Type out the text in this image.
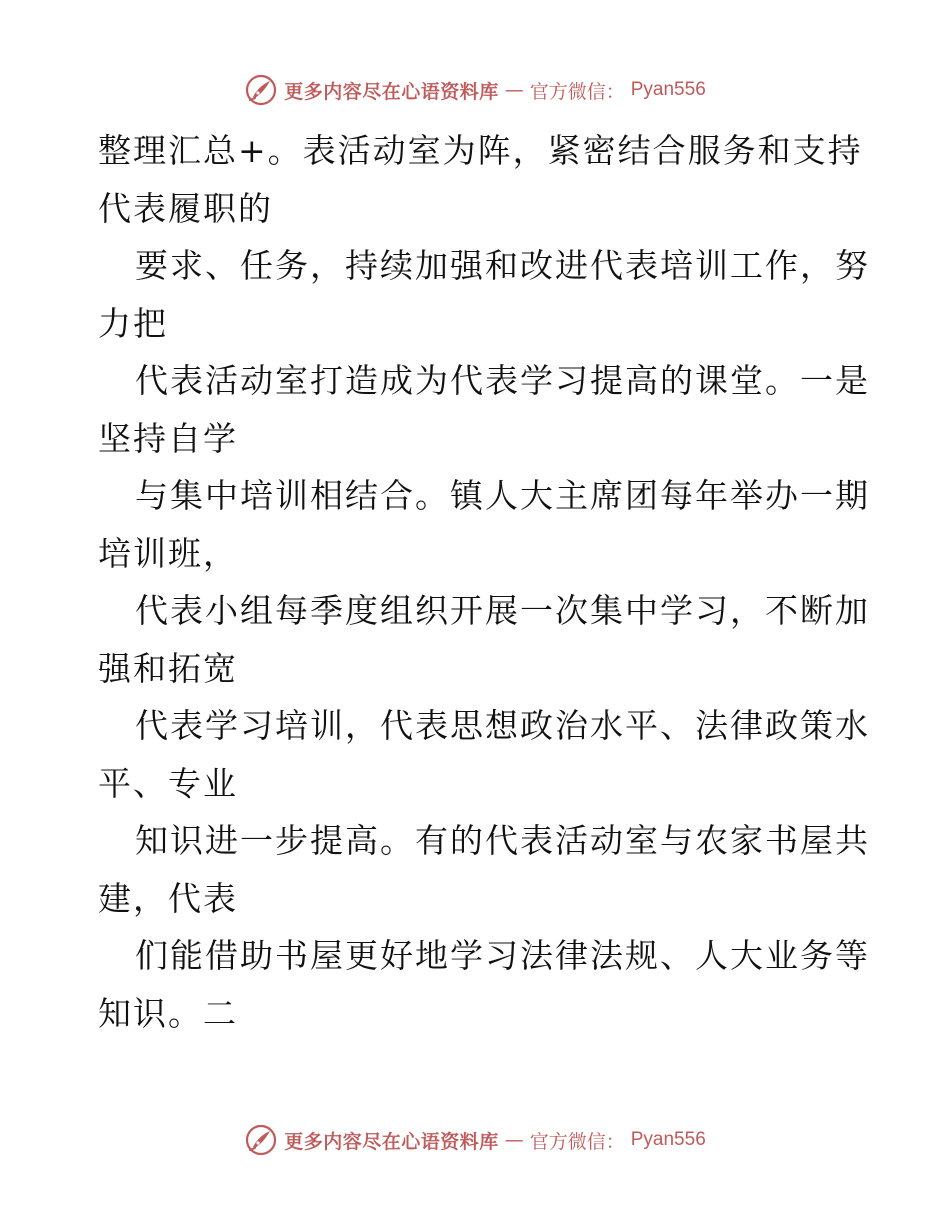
更多内容尽在心语资料库 — 官方微信： Pyan556
整理汇总+。表活动室为阵，紧密结合服务和支持
代表履职的
要求、任务，持续加强和改进代表培训工作，努
力把
代表活动室打造成为代表学习提高的课堂。一是
坚持自学
与集中培训相结合。镇人大主席团每年举办一期
培训班，
代表小组每季度组织开展一次集中学习，不断加
强和拓宽
代表学习培训，代表思想政治水平、法律政策水
平、专业
知识进一步提高。有的代表活动室与农家书屋共
建，代表
们能借助书屋更好地学习法律法规、人大业务等
知识。二
更多内容尽在心语资料库 — 官方微信： Pyan556
